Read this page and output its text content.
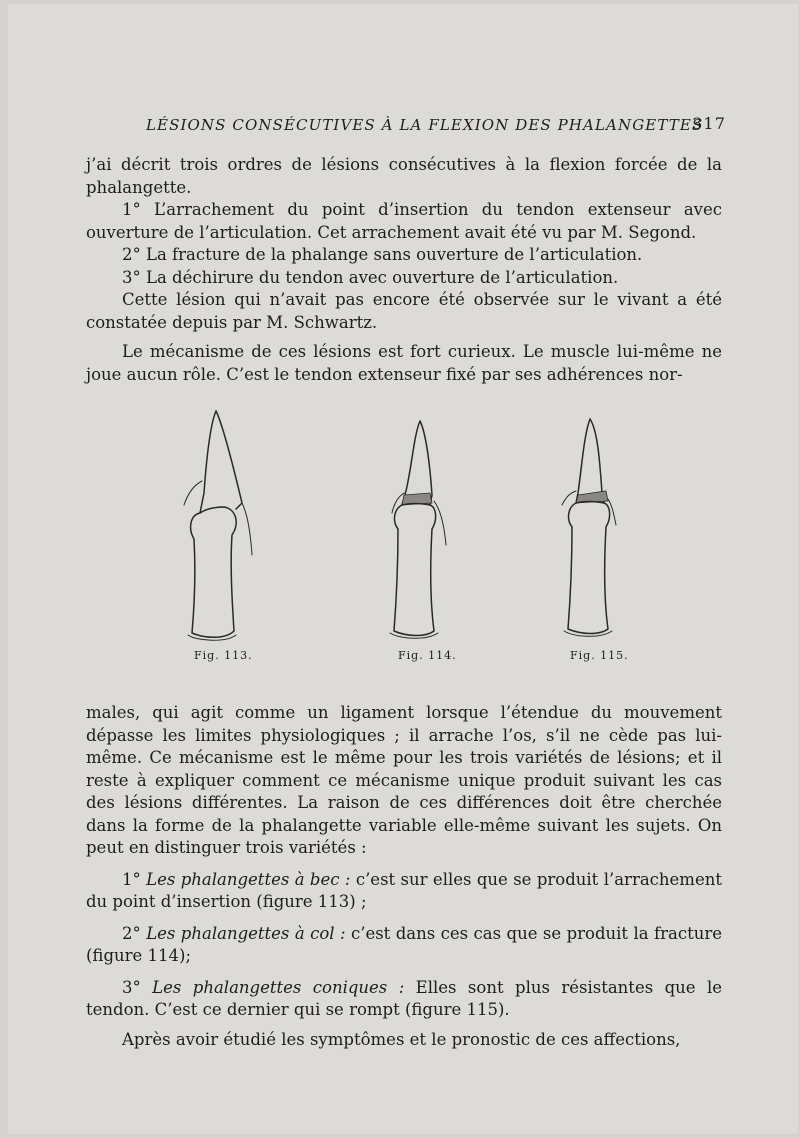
LÉSIONS CONSÉCUTIVES À LA FLEXION DES PHALANGETTES
317

j’ai décrit trois ordres de lésions consécutives à la flexion forcée de la phalangette.

1° L’arrachement du point d’insertion du tendon extenseur avec ouverture de l’articulation. Cet arrachement avait été vu par M. Segond.

2° La fracture de la phalange sans ouverture de l’articulation.

3° La déchirure du tendon avec ouverture de l’articulation.

Cette lésion qui n’avait pas encore été observée sur le vivant a été constatée depuis par M. Schwartz.

Le mécanisme de ces lésions est fort curieux. Le muscle lui-même ne joue aucun rôle. C’est le tendon extenseur fixé par ses adhérences nor-

Fig. 113.	Fig. 114.	Fig. 115.

males, qui agit comme un ligament lorsque l’étendue du mouvement dépasse les limites physiologiques ; il arrache l’os, s’il ne cède pas lui-même. Ce mécanisme est le même pour les trois variétés de lésions; et il reste à expliquer comment ce mécanisme unique produit suivant les cas des lésions différentes. La raison de ces différences doit être cherchée dans la forme de la phalangette variable elle-même suivant les sujets. On peut en distinguer trois variétés :

1° Les phalangettes à bec : c’est sur elles que se produit l’arrachement du point d’insertion (figure 113) ;

2° Les phalangettes à col : c’est dans ces cas que se produit la fracture (figure 114);

3° Les phalangettes coniques : Elles sont plus résistantes que le tendon. C’est ce dernier qui se rompt (figure 115).

Après avoir étudié les symptômes et le pronostic de ces affections,
